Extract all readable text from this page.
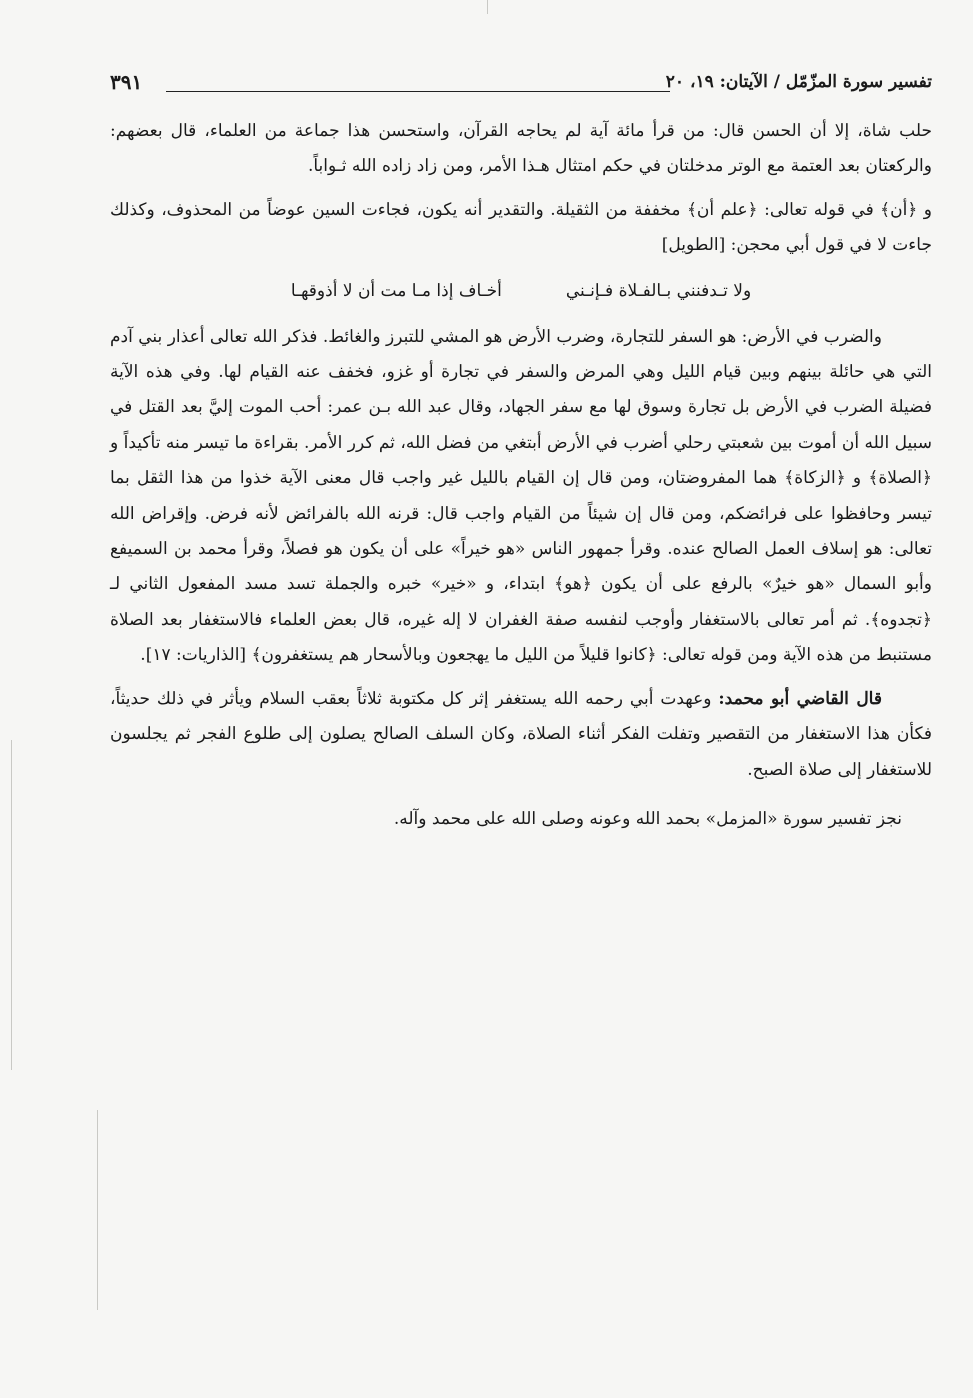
تفسير سورة المزّمّل / الآيتان: ١٩، ٢٠
٣٩١

حلب شاة، إلا أن الحسن قال: من قرأ مائة آية لم يحاجه القرآن، واستحسن هذا جماعة من العلماء، قال بعضهم: والركعتان بعد العتمة مع الوتر مدخلتان في حكم امتثال هـذا الأمر، ومن زاد زاده الله ثـواباً.

و ﴿أن﴾ في قوله تعالى: ﴿علم أن﴾ مخففة من الثقيلة. والتقدير أنه يكون، فجاءت السين عوضاً من المحذوف، وكذلك جاءت لا في قول أبي محجن: [الطويل]

ولا تـدفنني بـالفـلاة فـإنـني
أخـاف إذا مـا مت أن لا أذوقهـا

والضرب في الأرض: هو السفر للتجارة، وضرب الأرض هو المشي للتبرز والغائط. فذكر الله تعالى أعذار بني آدم التي هي حائلة بينهم وبين قيام الليل وهي المرض والسفر في تجارة أو غزو، فخفف عنه القيام لها. وفي هذه الآية فضيلة الضرب في الأرض بل تجارة وسوق لها مع سفر الجهاد، وقال عبد الله بـن عمر: أحب الموت إليَّ بعد القتل في سبيل الله أن أموت بين شعبتي رحلي أضرب في الأرض أبتغي من فضل الله، ثم كرر الأمر. بقراءة ما تيسر منه تأكيداً و ﴿الصلاة﴾ و ﴿الزكاة﴾ هما المفروضتان، ومن قال إن القيام بالليل غير واجب قال معنى الآية خذوا من هذا الثقل بما تيسر وحافظوا على فرائضكم، ومن قال إن شيئاً من القيام واجب قال: قرنه الله بالفرائض لأنه فرض. وإقراض الله تعالى: هو إسلاف العمل الصالح عنده. وقرأ جمهور الناس «هو خيراً» على أن يكون هو فصلاً، وقرأ محمد بن السميفع وأبو السمال «هو خيرٌ» بالرفع على أن يكون ﴿هو﴾ ابتداء، و «خير» خبره والجملة تسد مسد المفعول الثاني لـ ﴿تجدوه﴾. ثم أمر تعالى بالاستغفار وأوجب لنفسه صفة الغفران لا إله غيره، قال بعض العلماء فالاستغفار بعد الصلاة مستنبط من هذه الآية ومن قوله تعالى: ﴿كانوا قليلاً من الليل ما يهجعون وبالأسحار هم يستغفرون﴾ [الذاريات: ١٧].

قال القاضي أبو محمد: وعهدت أبي رحمه الله يستغفر إثر كل مكتوبة ثلاثاً بعقب السلام ويأثر في ذلك حديثاً، فكأن هذا الاستغفار من التقصير وتفلت الفكر أثناء الصلاة، وكان السلف الصالح يصلون إلى طلوع الفجر ثم يجلسون للاستغفار إلى صلاة الصبح.

نجز تفسير سورة «المزمل» بحمد الله وعونه وصلى الله على محمد وآله.
